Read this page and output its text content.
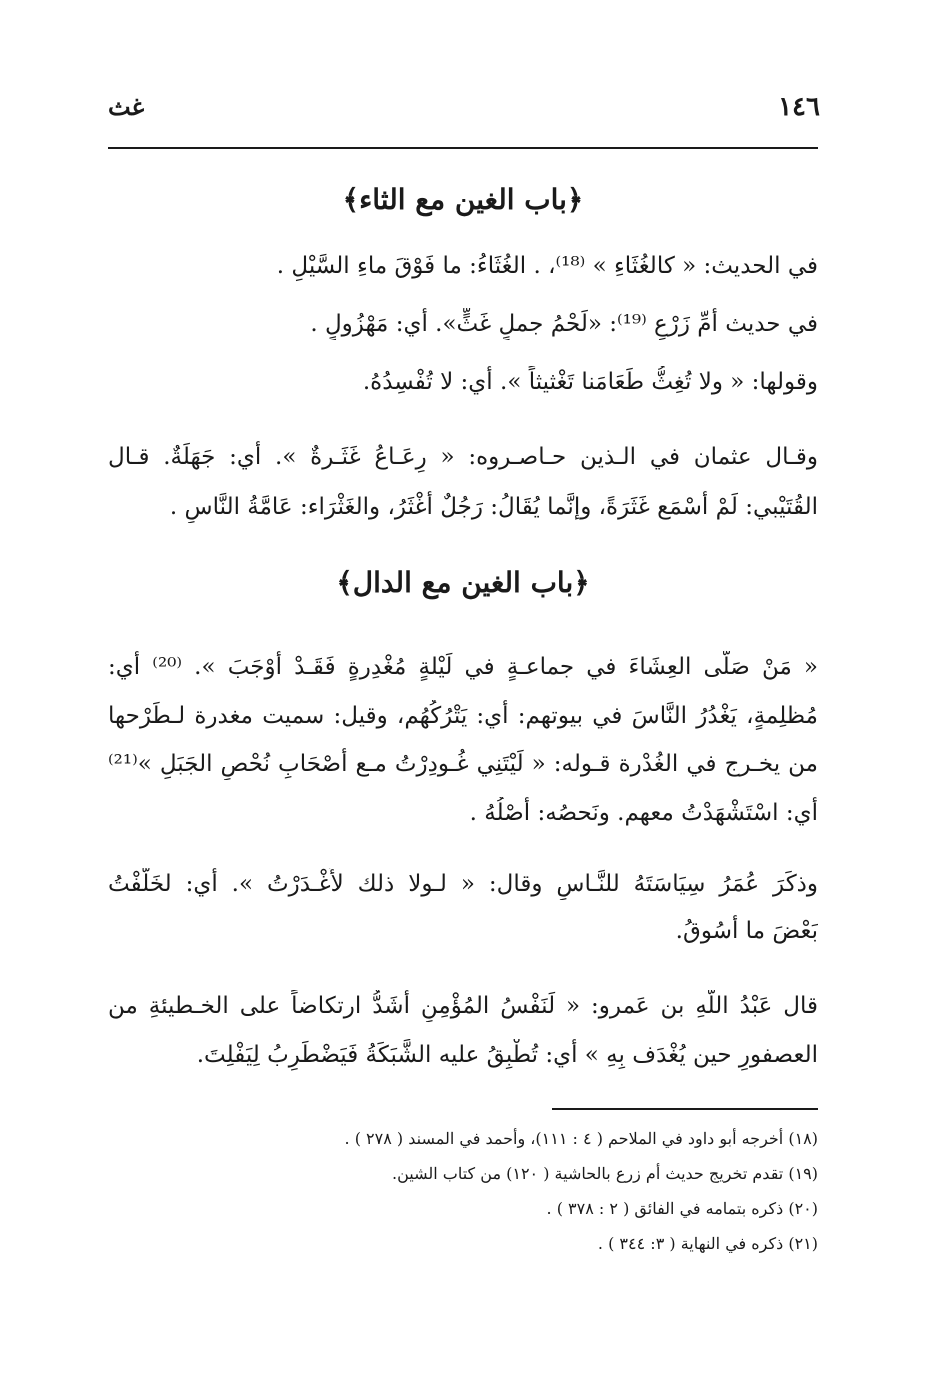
١٤٦
غث
﴿باب الغين مع الثاء﴾
في الحديث: « كالغُثَاءِ » ⁽¹⁸⁾، . الغُثَاءُ: ما فَوْقَ ماءِ السَّيْلِ .
في حديث أُمِّ زَرْعٍ ⁽¹⁹⁾: «لَحْمُ جملٍ غَثٍّ». أي: مَهْزُولٍ .
وقولها: « ولا تُغِثُّ طَعَامَنا تَغْثيثاً ». أي: لا تُفْسِدُهُ.
وقـال عثمان في الـذين حـاصـروه: « رِعَـاعُ غَثَـرةٌ ». أي: جَهَلَةٌ. قـال
القُتَيْبي: لَمْ أَسْمَع غَثَرَةً، وإنَّما يُقَالُ: رَجُلٌ أَغْثَرُ، والغَثْرَاء: عَامَّةُ النَّاسِ .
﴿باب الغين مع الدال﴾
« مَنْ صَلَّى العِشَاءَ في جماعـةٍ في لَيْلةٍ مُغْدِرةٍ فَقَـدْ أَوْجَبَ ». ⁽²⁰⁾ أي:
مُظلِمةٍ، يَغْدُرُ النَّاسَ في بيوتهم: أي: يَتْرُكُهُم، وقيل: سميت مغدرة لـطَرْحها
من يخـرج في الغُدْرة قـوله: « لَيْتَنِي غُـودِرْتُ مـع أَصْحَابِ نُحْصِ الجَبَلِ »⁽²¹⁾
أي: اسْتَشْهَدْتُ معهم. ونَحصُه: أَصْلُهُ .
وذكَرَ عُمَرُ سِيَاسَتَهُ للنَّـاسِ وقال: « لـولا ذلك لأَغْـدَرْتُ ». أي: لخَلَّفْتُ
بَعْضَ ما أَسُوقُ.
قال عَبْدُ اللَّهِ بن عَمرو: « لَنَفْسُ المُؤْمِنِ أَشَدُّ ارتكاضاً على الخـطيئةِ من
العصفورِ حين يُغْدَف بِهِ » أي: تُطْبِقُ عليه الشَّبَكَةُ فَيَضْطَرِبُ لِيَفْلِتَ.
(١٨) أخرجه أبو داود في الملاحم ( ٤ : ١١١)، وأحمد في المسند ( ٢٧٨ ) .
(١٩) تقدم تخريج حديث أم زرع بالحاشية ( ١٢٠) من كتاب الشين.
(٢٠) ذكره بتمامه في الفائق ( ٢ : ٣٧٨ ) .
(٢١) ذكره في النهاية ( ٣: ٣٤٤ ) .
